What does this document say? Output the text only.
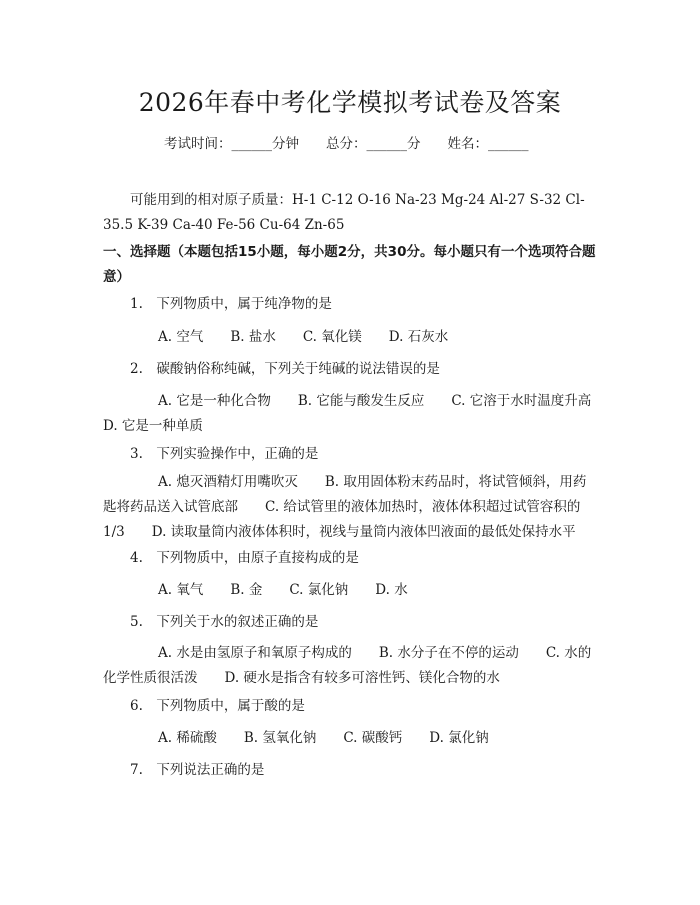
2026年春中考化学模拟考试卷及答案
考试时间：______分钟　　总分：______分　　姓名：______
可能用到的相对原子质量：H-1 C-12 O-16 Na-23 Mg-24 Al-27 S-32 Cl-35.5 K-39 Ca-40 Fe-56 Cu-64 Zn-65
一、选择题（本题包括15小题，每小题2分，共30分。每小题只有一个选项符合题意）
1.　下列物质中，属于纯净物的是
A. 空气　　B. 盐水　　C. 氧化镁　　D. 石灰水
2.　碳酸钠俗称纯碱，下列关于纯碱的说法错误的是
A. 它是一种化合物　　B. 它能与酸发生反应　　C. 它溶于水时温度升高　　D. 它是一种单质
3.　下列实验操作中，正确的是
A. 熄灭酒精灯用嘴吹灭　　B. 取用固体粉末药品时，将试管倾斜，用药匙将药品送入试管底部　　C. 给试管里的液体加热时，液体体积超过试管容积的1/3　　D. 读取量筒内液体体积时，视线与量筒内液体凹液面的最低处保持水平
4.　下列物质中，由原子直接构成的是
A. 氧气　　B. 金　　C. 氯化钠　　D. 水
5.　下列关于水的叙述正确的是
A. 水是由氢原子和氧原子构成的　　B. 水分子在不停的运动　　C. 水的化学性质很活泼　　D. 硬水是指含有较多可溶性钙、镁化合物的水
6.　下列物质中，属于酸的是
A. 稀硫酸　　B. 氢氧化钠　　C. 碳酸钙　　D. 氯化钠
7.　下列说法正确的是
